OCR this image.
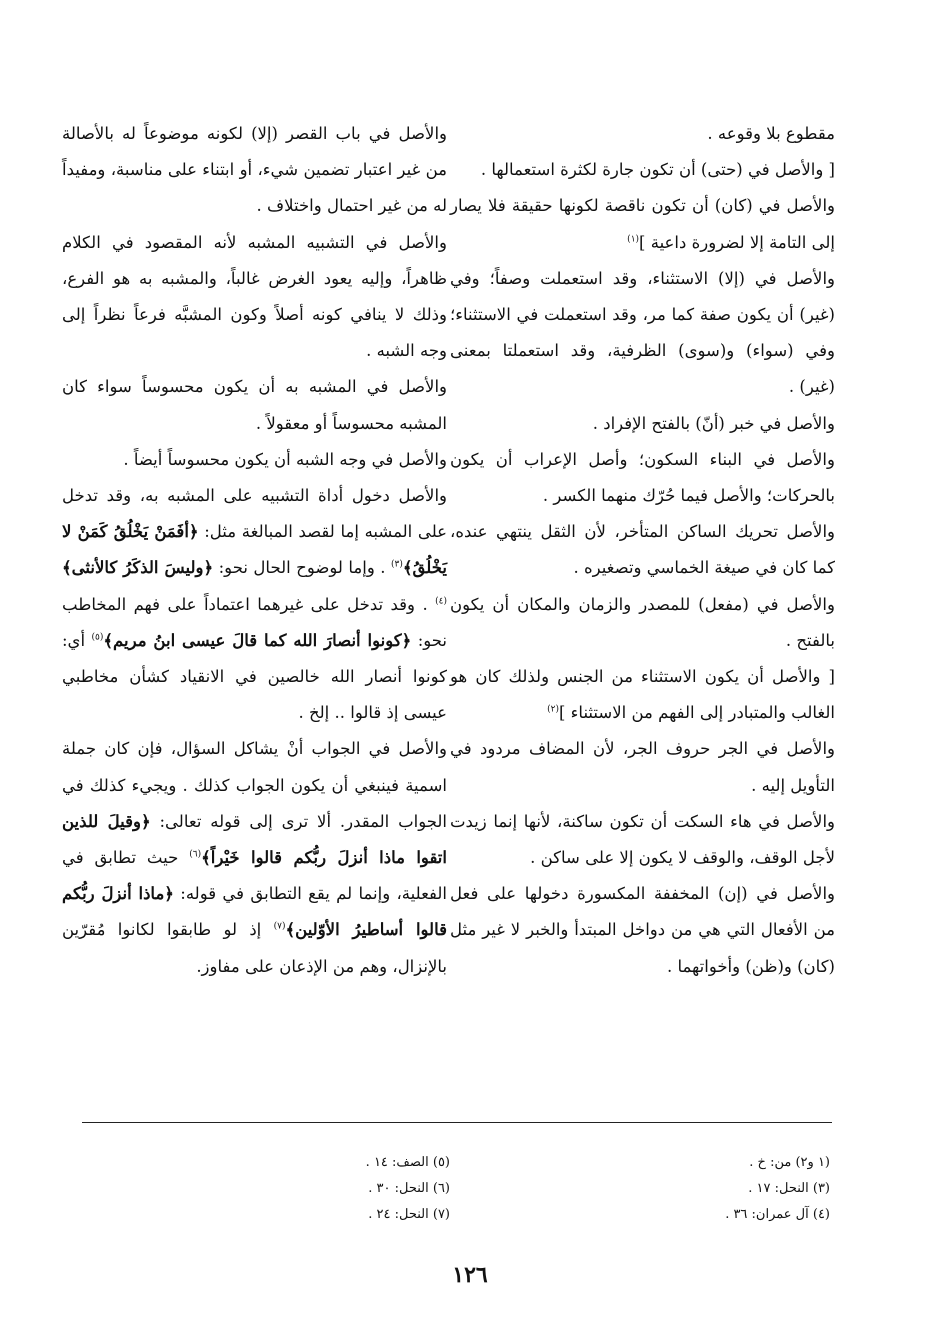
مقطوع بلا وقوعه .

[ والأصل في (حتى) أن تكون جارة لكثرة استعمالها .

والأصل في (كان) أن تكون ناقصة لكونها حقيقة فلا يصار إلى التامة إلا لضرورة داعية ]$^{(١)}$

والأصل في (إلا) الاستثناء، وقد استعملت وصفاً؛ وفي (غير) أن يكون صفة كما مر، وقد استعملت في الاستثناء؛ وفي (سواء) و(سوى) الظرفية، وقد استعملتا بمعنى (غير) .

والأصل في خبر (أنّ) بالفتح الإفراد .

والأصل في البناء السكون؛ وأصل الإعراب أن يكون بالحركات؛ والأصل فيما حُرّك منهما الكسر .

والأصل تحريك الساكن المتأخر، لأن الثقل ينتهي عنده، كما كان في صيغة الخماسي وتصغيره .

والأصل في (مفعل) للمصدر والزمان والمكان أن يكون بالفتح .

[ والأصل أن يكون الاستثناء من الجنس ولذلك كان هو الغالب والمتبادر إلى الفهم من الاستثناء ]$^{(٢)}$

والأصل في الجر حروف الجر، لأن المضاف مردود في التأويل إليه .

والأصل في هاء السكت أن تكون ساكنة، لأنها إنما زيدت لأجل الوقف، والوقف لا يكون إلا على ساكن .

والأصل في (إن) المخففة المكسورة دخولها على فعل من الأفعال التي هي من دواخل المبتدأ والخبر لا غير مثل (كان) و(ظن) وأخواتهما .

والأصل في باب القصر (إلا) لكونه موضوعاً له بالأصالة من غير اعتبار تضمين شيء، أو ابتناء على مناسبة، ومفيداً له من غير احتمال واختلاف .

والأصل في التشبيه المشبه لأنه المقصود في الكلام ظاهراً، وإليه يعود الغرض غالباً، والمشبه به هو الفرع، وذلك لا ينافي كونه أصلاً وكون المشبَّه فرعاً نظراً إلى وجه الشبه .

والأصل في المشبه به أن يكون محسوساً سواء كان المشبه محسوساً أو معقولاً .

والأصل في وجه الشبه أن يكون محسوساً أيضاً .

والأصل دخول أداة التشبيه على المشبه به، وقد تدخل على المشبه إما لقصد المبالغة مثل: ﴿أفَمَنْ يَخْلُقُ كَمَنْ لا يَخْلُقُ﴾$^{(٣)}$ . وإما لوضوح الحال نحو: ﴿وليسَ الذكَرُ كالأنثى﴾$^{(٤)}$ . وقد تدخل على غيرهما اعتماداً على فهم المخاطب نحو: ﴿كونوا أنصارَ الله كما قالَ عيسى ابنُ مريم﴾$^{(٥)}$ أي: كونوا أنصار الله خالصين في الانقياد كشأن مخاطبي عيسى إذ قالوا .. إلخ .

والأصل في الجواب أنْ يشاكل السؤال، فإن كان جملة اسمية فينبغي أن يكون الجواب كذلك . ويجيء كذلك في الجواب المقدر. ألا ترى إلى قوله تعالى: ﴿وقيلَ للذين اتقوا ماذا أنزلَ ربُّكم قالوا خَيْراً﴾$^{(٦)}$ حيث تطابق في الفعلية، وإنما لم يقع التطابق في قوله: ﴿ماذا أنزلَ ربُّكم قالوا أساطيرُ الأوّلين﴾$^{(٧)}$ إذ لو طابقوا لكانوا مُقرّين بالإنزال، وهم من الإذعان على مفاوز.

(١ و٢) من: خ .
(٣) النحل: ١٧ .
(٤) آل عمران: ٣٦ .
(٥) الصف: ١٤ .
(٦) النحل: ٣٠ .
(٧) النحل: ٢٤ .
١٢٦
